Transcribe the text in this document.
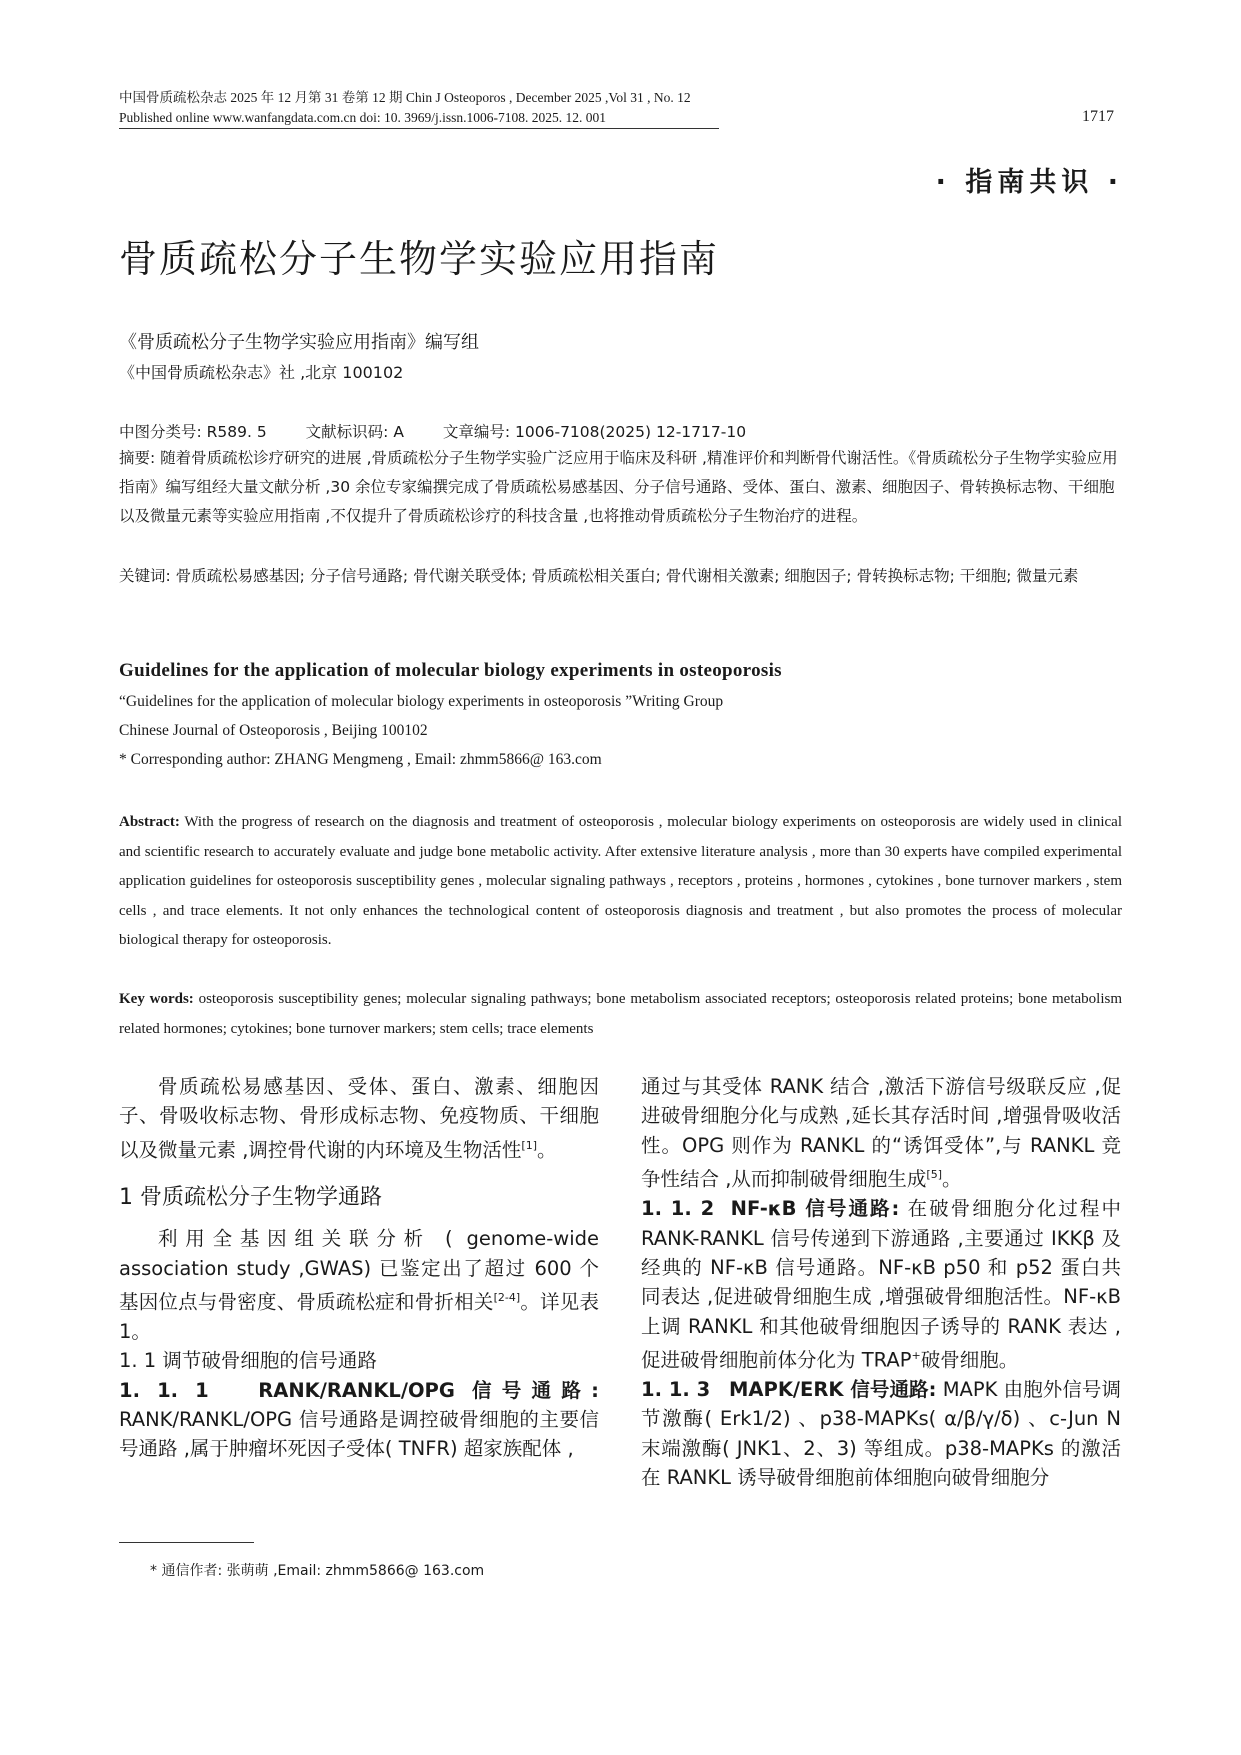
中国骨质疏松杂志 2025 年 12 月第 31 卷第 12 期 Chin J Osteoporos , December 2025 ,Vol 31 , No. 12
Published online www.wanfangdata.com.cn doi: 10. 3969/j.issn.1006-7108. 2025. 12. 001	1717
· 指南共识 ·
骨质疏松分子生物学实验应用指南
《骨质疏松分子生物学实验应用指南》编写组
《中国骨质疏松杂志》社 ,北京 100102
中图分类号: R589. 5	文献标识码: A	文章编号: 1006-7108(2025) 12-1717-10
摘要: 随着骨质疏松诊疗研究的进展 ,骨质疏松分子生物学实验广泛应用于临床及科研 ,精准评价和判断骨代谢活性。《骨质疏松分子生物学实验应用指南》编写组经大量文献分析 ,30 余位专家编撰完成了骨质疏松易感基因、分子信号通路、受体、蛋白、激素、细胞因子、骨转换标志物、干细胞以及微量元素等实验应用指南 ,不仅提升了骨质疏松诊疗的科技含量 ,也将推动骨质疏松分子生物治疗的进程。
关键词: 骨质疏松易感基因; 分子信号通路; 骨代谢关联受体; 骨质疏松相关蛋白; 骨代谢相关激素; 细胞因子; 骨转换标志物; 干细胞; 微量元素
Guidelines for the application of molecular biology experiments in osteoporosis
“Guidelines for the application of molecular biology experiments in osteoporosis ”Writing Group
Chinese Journal of Osteoporosis , Beijing 100102
* Corresponding author: ZHANG Mengmeng , Email: zhmm5866@ 163.com
Abstract: With the progress of research on the diagnosis and treatment of osteoporosis , molecular biology experiments on osteoporosis are widely used in clinical and scientific research to accurately evaluate and judge bone metabolic activity. After extensive literature analysis , more than 30 experts have compiled experimental application guidelines for osteoporosis susceptibility genes , molecular signaling pathways , receptors , proteins , hormones , cytokines , bone turnover markers , stem cells , and trace elements. It not only enhances the technological content of osteoporosis diagnosis and treatment , but also promotes the process of molecular biological therapy for osteoporosis.
Key words: osteoporosis susceptibility genes; molecular signaling pathways; bone metabolism associated receptors; osteoporosis related proteins; bone metabolism related hormones; cytokines; bone turnover markers; stem cells; trace elements

骨质疏松易感基因、受体、蛋白、激素、细胞因子、骨吸收标志物、骨形成标志物、免疫物质、干细胞以及微量元素 ,调控骨代谢的内环境及生物活性[1]。

1 骨质疏松分子生物学通路

利用全基因组关联分析 ( genome-wide association study ,GWAS) 已鉴定出了超过 600 个基因位点与骨密度、骨质疏松症和骨折相关[2-4]。详见表 1。

1. 1 调节破骨细胞的信号通路

1. 1. 1	RANK/RANKL/OPG 信号通路: RANK/RANKL/OPG 信号通路是调控破骨细胞的主要信号通路 ,属于肿瘤坏死因子受体( TNFR) 超家族配体 ,

通过与其受体 RANK 结合 ,激活下游信号级联反应 ,促进破骨细胞分化与成熟 ,延长其存活时间 ,增强骨吸收活性。OPG 则作为 RANKL 的“诱饵受体”,与 RANKL 竞争性结合 ,从而抑制破骨细胞生成[5]。

1. 1. 2 NF-κB 信号通路: 在破骨细胞分化过程中 RANK-RANKL 信号传递到下游通路 ,主要通过 IKKβ 及经典的 NF-κB 信号通路。NF-κB p50 和 p52 蛋白共同表达 ,促进破骨细胞生成 ,增强破骨细胞活性。NF-κB 上调 RANKL 和其他破骨细胞因子诱导的 RANK 表达 ,促进破骨细胞前体分化为 TRAP+破骨细胞。

1. 1. 3 MAPK/ERK 信号通路: MAPK 由胞外信号调节激酶( Erk1/2) 、p38-MAPKs( α/β/γ/δ) 、c-Jun N 末端激酶( JNK1、2、3) 等组成。p38-MAPKs 的激活在 RANKL 诱导破骨细胞前体细胞向破骨细胞分

* 通信作者: 张萌萌 ,Email: zhmm5866@ 163.com
